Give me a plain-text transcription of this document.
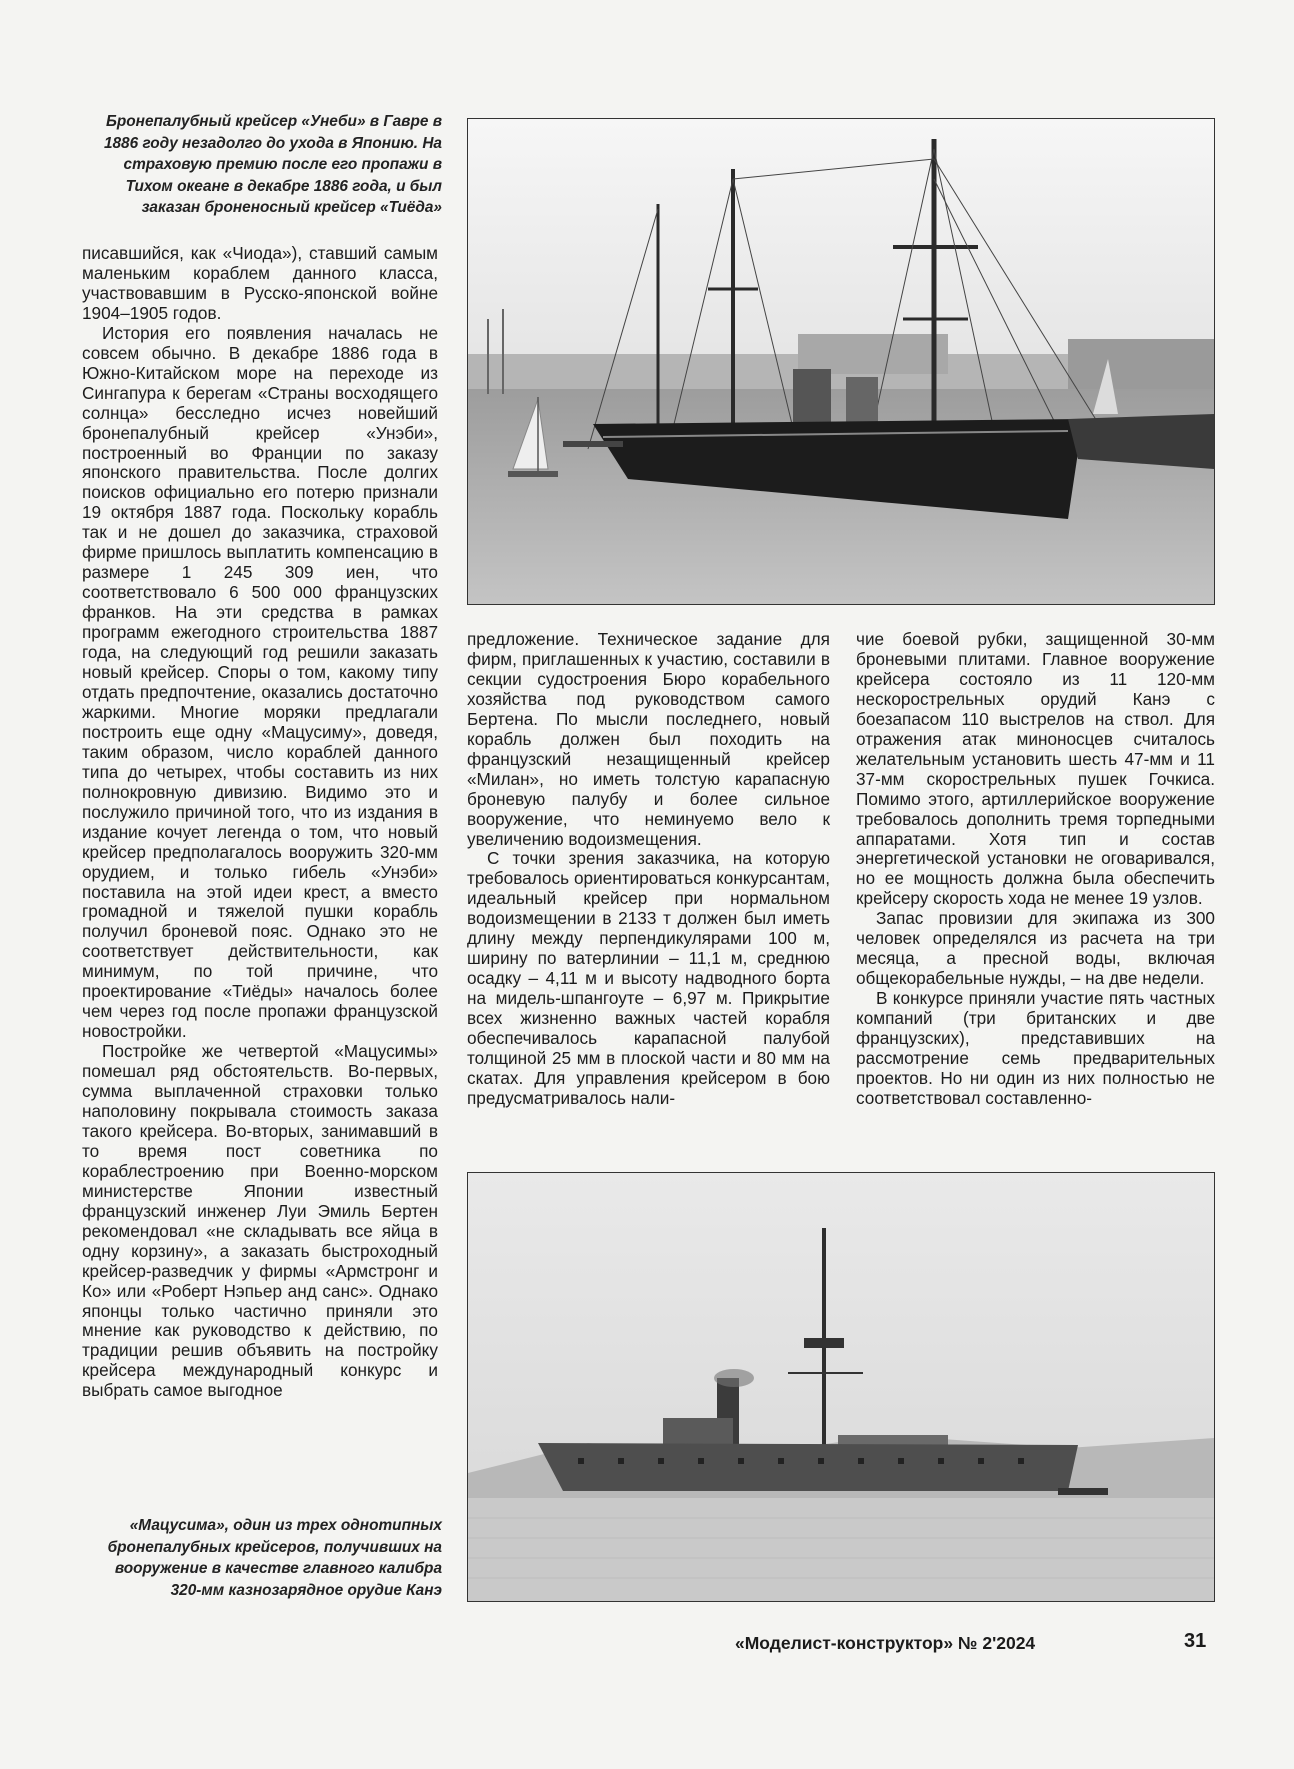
Бронепалубный крейсер «Унеби» в Гавре в 1886 году незадолго до ухода в Японию. На страховую премию после его пропажи в Тихом океане в декабре 1886 года, и был заказан броненосный крейсер «Тиёда»

писавшийся, как «Чиода»), ставший самым маленьким кораблем данного класса, участвовавшим в Русско-японской войне 1904–1905 годов.

История его появления началась не совсем обычно. В декабре 1886 года в Южно-Китайском море на переходе из Сингапура к берегам «Страны восходящего солнца» бесследно исчез новейший бронепалубный крейсер «Унэби», построенный во Франции по заказу японского правительства. После долгих поисков официально его потерю признали 19 октября 1887 года. Поскольку корабль так и не дошел до заказчика, страховой фирме пришлось выплатить компенсацию в размере 1 245 309 иен, что соответствовало 6 500 000 французских франков. На эти средства в рамках программ ежегодного строительства 1887 года, на следующий год решили заказать новый крейсер. Споры о том, какому типу отдать предпочтение, оказались достаточно жаркими. Многие моряки предлагали построить еще одну «Мацусиму», доведя, таким образом, число кораблей данного типа до четырех, чтобы составить из них полнокровную дивизию. Видимо это и послужило причиной того, что из издания в издание кочует легенда о том, что новый крейсер предполагалось вооружить 320-мм орудием, и только гибель «Унэби» поставила на этой идеи крест, а вместо громадной и тяжелой пушки корабль получил броневой пояс. Однако это не соответствует действительности, как минимум, по той причине, что проектирование «Тиёды» началось более чем через год после пропажи французской новостройки.

Постройке же четвертой «Мацусимы» помешал ряд обстоятельств. Во-первых, сумма выплаченной страховки только наполовину покрывала стоимость заказа такого крейсера. Во-вторых, занимавший в то время пост советника по кораблестроению при Военно-морском министерстве Японии известный французский инженер Луи Эмиль Бертен рекомендовал «не складывать все яйца в одну корзину», а заказать быстроходный крейсер-разведчик у фирмы «Армстронг и Ко» или «Роберт Нэпьер анд санс». Однако японцы только частично приняли это мнение как руководство к действию, по традиции решив объявить на постройку крейсера международный конкурс и выбрать самое выгодное

предложение. Техническое задание для фирм, приглашенных к участию, составили в секции судостроения Бюро корабельного хозяйства под руководством самого Бертена. По мысли последнего, новый корабль должен был походить на французский незащищенный крейсер «Милан», но иметь толстую карапасную броневую палубу и более сильное вооружение, что неминуемо вело к увеличению водоизмещения.

С точки зрения заказчика, на которую требовалось ориентироваться конкурсантам, идеальный крейсер при нормальном водоизмещении в 2133 т должен был иметь длину между перпендикулярами 100 м, ширину по ватерлинии – 11,1 м, среднюю осадку – 4,11 м и высоту надводного борта на мидель-шпангоуте – 6,97 м. Прикрытие всех жизненно важных частей корабля обеспечивалось карапасной палубой толщиной 25 мм в плоской части и 80 мм на скатах. Для управления крейсером в бою предусматривалось нали-

чие боевой рубки, защищенной 30-мм броневыми плитами. Главное вооружение крейсера состояло из 11 120-мм нескорострельных орудий Канэ с боезапасом 110 выстрелов на ствол. Для отражения атак миноносцев считалось желательным установить шесть 47-мм и 11 37-мм скорострельных пушек Гочкиса. Помимо этого, артиллерийское вооружение требовалось дополнить тремя торпедными аппаратами. Хотя тип и состав энергетической установки не оговаривался, но ее мощность должна была обеспечить крейсеру скорость хода не менее 19 узлов.

Запас провизии для экипажа из 300 человек определялся из расчета на три месяца, а пресной воды, включая общекорабельные нужды, – на две недели.

В конкурсе приняли участие пять частных компаний (три британских и две французских), представивших на рассмотрение семь предварительных проектов. Но ни один из них полностью не соответствовал составленно-

«Мацусима», один из трех однотипных бронепалубных крейсеров, получивших на вооружение в качестве главного калибра 320-мм казнозарядное орудие Канэ
«Моделист-конструктор» № 2'2024	31
